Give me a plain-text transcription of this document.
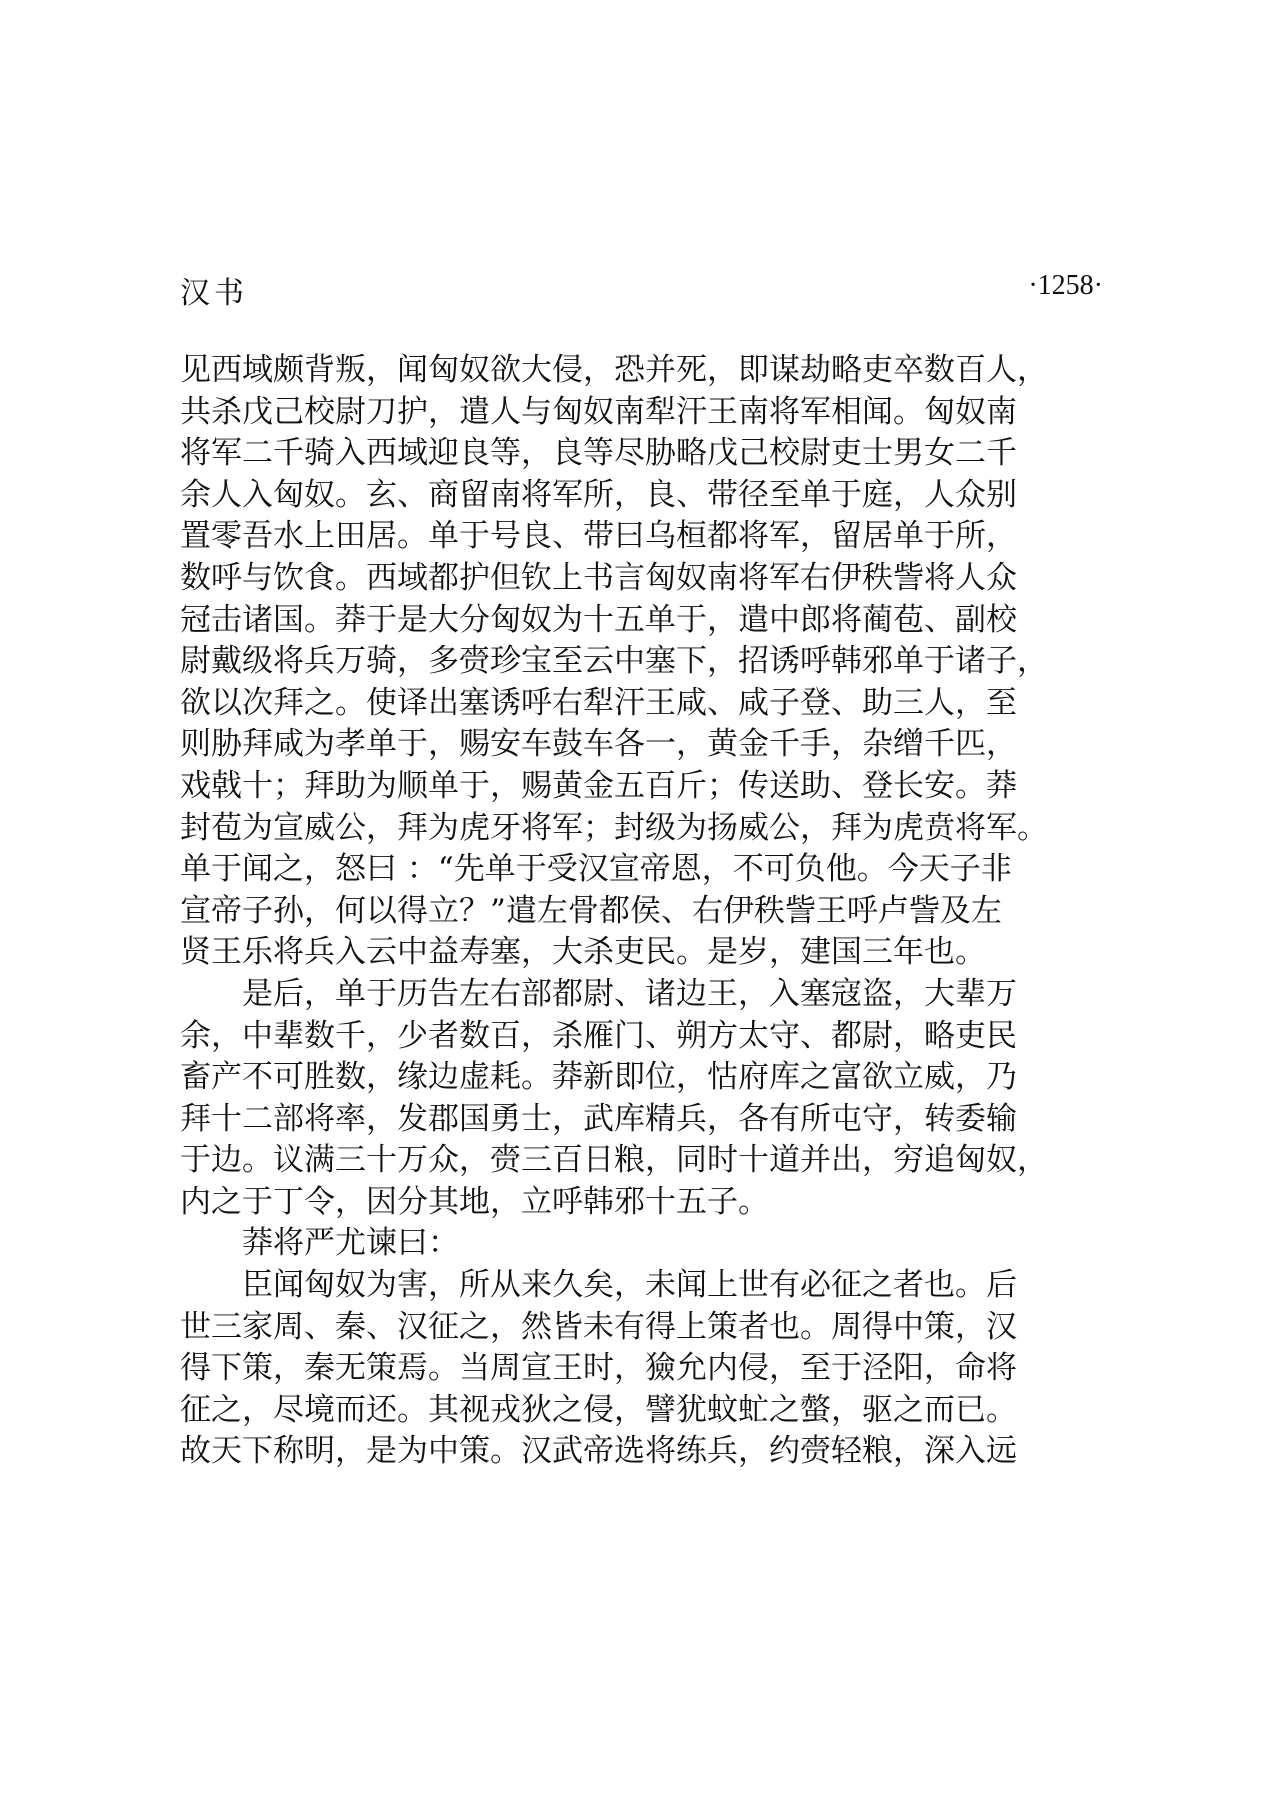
汉书	·1258·
见西域颇背叛，闻匈奴欲大侵，恐并死，即谋劫略吏卒数百人，
共杀戊己校尉刀护，遣人与匈奴南犁汗王南将军相闻。匈奴南
将军二千骑入西域迎良等，良等尽胁略戊己校尉吏士男女二千
余人入匈奴。玄、商留南将军所，良、带径至单于庭，人众别
置零吾水上田居。单于号良、带曰乌桓都将军，留居单于所，
数呼与饮食。西域都护但钦上书言匈奴南将军右伊秩訾将人众
冠击诸国。莽于是大分匈奴为十五单于，遣中郎将蔺苞、副校
尉戴级将兵万骑，多赍珍宝至云中塞下，招诱呼韩邪单于诸子，
欲以次拜之。使译出塞诱呼右犁汗王咸、咸子登、助三人，至
则胁拜咸为孝单于，赐安车鼓车各一，黄金千手，杂缯千匹，
戏戟十；拜助为顺单于，赐黄金五百斤；传送助、登长安。莽
封苞为宣威公，拜为虎牙将军；封级为扬威公，拜为虎贲将军。
单于闻之，怒曰 ：“先单于受汉宣帝恩，不可负他。今天子非
宣帝子孙，何以得立？”遣左骨都侯、右伊秩訾王呼卢訾及左
贤王乐将兵入云中益寿塞，大杀吏民。是岁，建国三年也。
是后，单于历告左右部都尉、诸边王，入塞寇盗，大辈万
余，中辈数千，少者数百，杀雁门、朔方太守、都尉，略吏民
畜产不可胜数，缘边虚耗。莽新即位，怙府库之富欲立威，乃
拜十二部将率，发郡国勇士，武库精兵，各有所屯守，转委输
于边。议满三十万众，赍三百日粮，同时十道并出，穷追匈奴，
内之于丁令，因分其地，立呼韩邪十五子。
莽将严尤谏曰：
臣闻匈奴为害，所从来久矣，未闻上世有必征之者也。后
世三家周、秦、汉征之，然皆未有得上策者也。周得中策，汉
得下策，秦无策焉。当周宣王时，獫允内侵，至于泾阳，命将
征之，尽境而还。其视戎狄之侵，譬犹蚊虻之螫，驱之而已。
故天下称明，是为中策。汉武帝选将练兵，约赍轻粮，深入远
